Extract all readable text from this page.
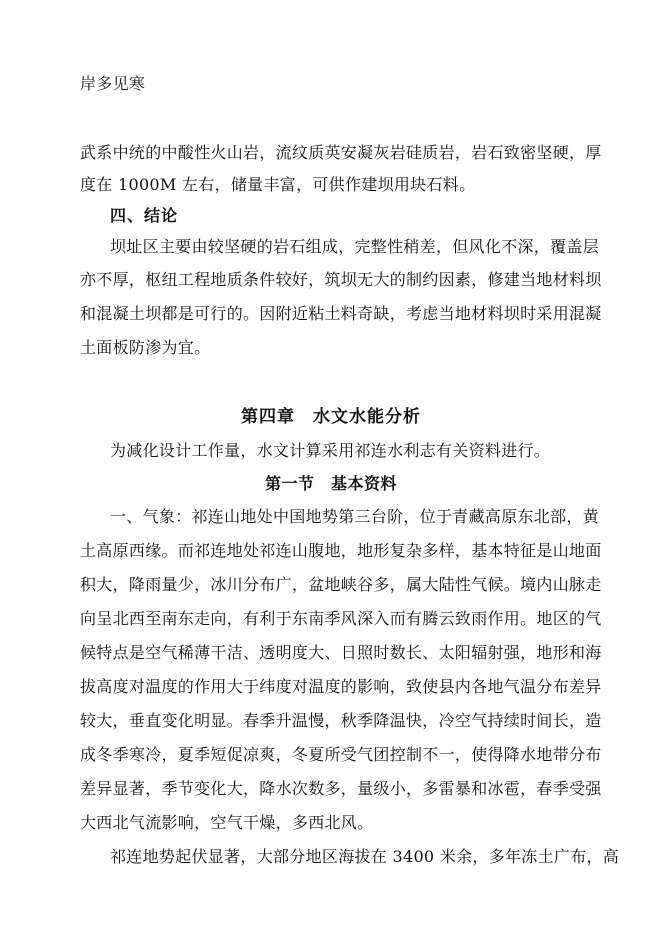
岸多见寒
武系中统的中酸性火山岩，流纹质英安凝灰岩硅质岩，岩石致密坚硬，厚
度在 1000M 左右，储量丰富，可供作建坝用块石料。
四、结论
坝址区主要由较坚硬的岩石组成，完整性稍差，但风化不深，覆盖层
亦不厚，枢纽工程地质条件较好，筑坝无大的制约因素，修建当地材料坝
和混凝土坝都是可行的。因附近粘土料奇缺，考虑当地材料坝时采用混凝
土面板防渗为宜。
第四章　水文水能分析
为减化设计工作量，水文计算采用祁连水利志有关资料进行。
第一节　基本资料
一、气象：祁连山地处中国地势第三台阶，位于青藏高原东北部，黄
土高原西缘。而祁连地处祁连山腹地，地形复杂多样，基本特征是山地面
积大，降雨量少，冰川分布广，盆地峡谷多，属大陆性气候。境内山脉走
向呈北西至南东走向，有利于东南季风深入而有腾云致雨作用。地区的气
候特点是空气稀薄干洁、透明度大、日照时数长、太阳辐射强，地形和海
拔高度对温度的作用大于纬度对温度的影响，致使县内各地气温分布差异
较大，垂直变化明显。春季升温慢，秋季降温快，冷空气持续时间长，造
成冬季寒冷，夏季短促凉爽，冬夏所受气团控制不一，使得降水地带分布
差异显著，季节变化大，降水次数多，量级小，多雷暴和冰雹，春季受强
大西北气流影响，空气干燥，多西北风。
祁连地势起伏显著，大部分地区海拔在 3400 米余，多年冻土广布，高
